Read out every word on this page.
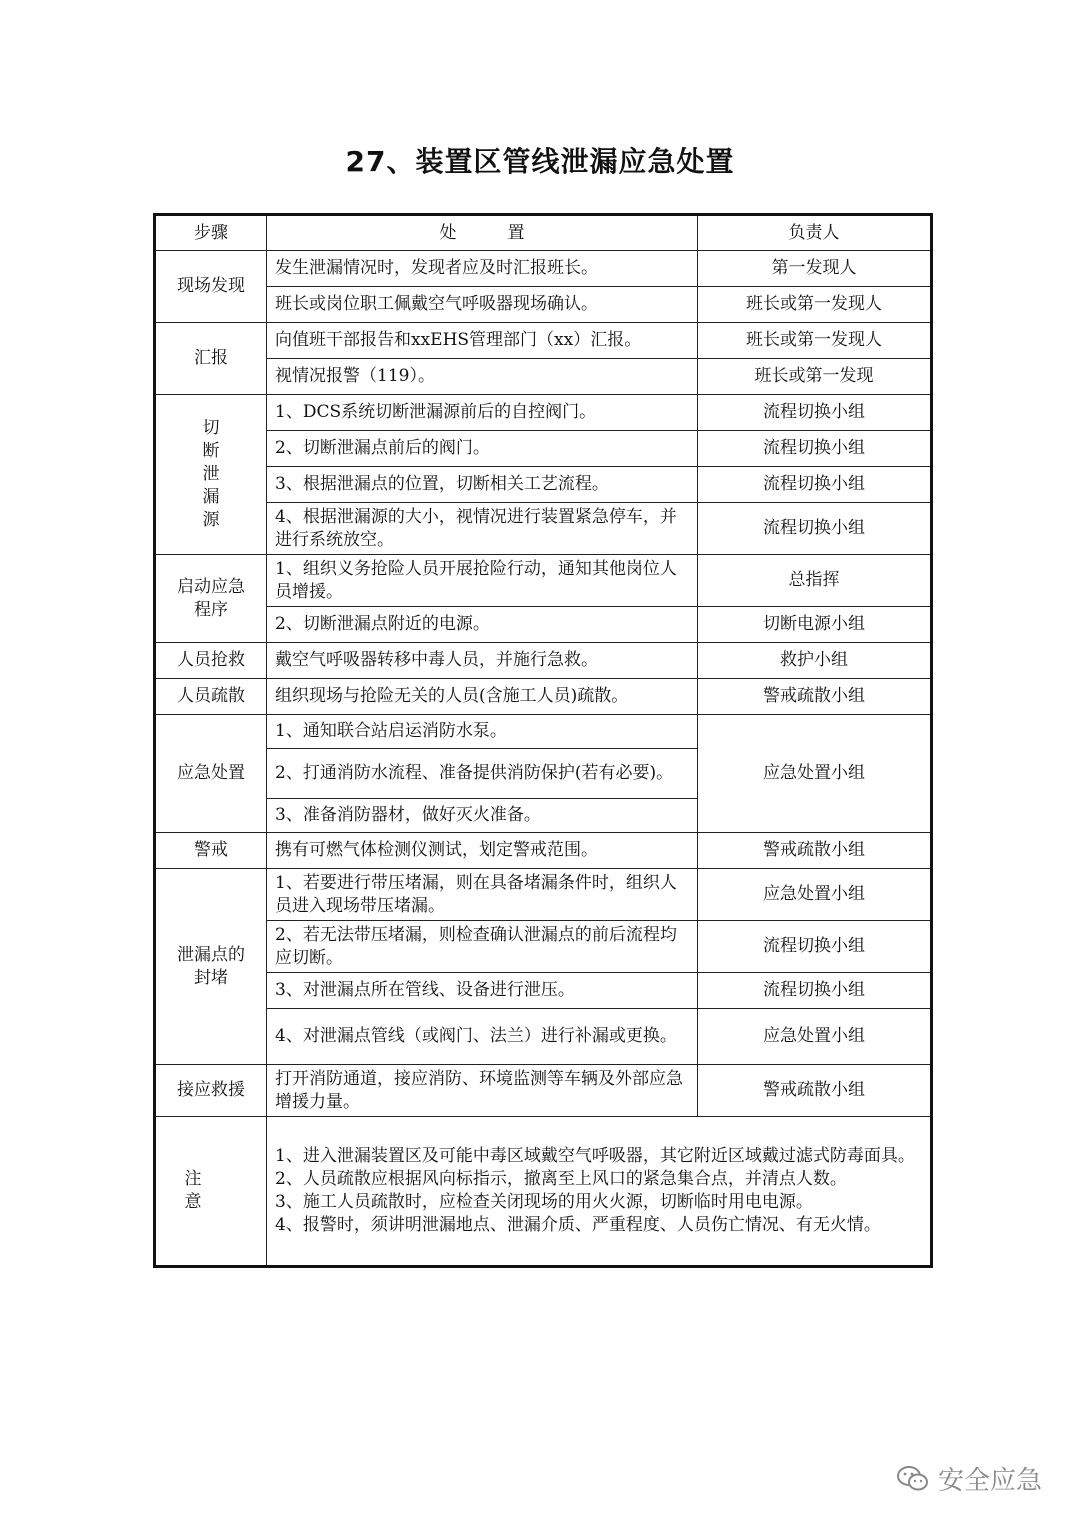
27、装置区管线泄漏应急处置
步骤	处　　　置	负责人
现场发现	发生泄漏情况时，发现者应及时汇报班长。	第一发现人
	班长或岗位职工佩戴空气呼吸器现场确认。	班长或第一发现人
汇报	向值班干部报告和xxEHS管理部门（xx）汇报。	班长或第一发现人
	视情况报警（119）。	班长或第一发现

切
断
泄
漏
源	1、DCS系统切断泄漏源前后的自控阀门。	流程切换小组
	2、切断泄漏点前后的阀门。	流程切换小组
	3、根据泄漏点的位置，切断相关工艺流程。	流程切换小组
	4、根据泄漏源的大小，视情况进行装置紧急停车，并进行系统放空。	流程切换小组
启动应急程序	1、组织义务抢险人员开展抢险行动，通知其他岗位人员增援。	总指挥
	2、切断泄漏点附近的电源。	切断电源小组
人员抢救	戴空气呼吸器转移中毒人员，并施行急救。	救护小组
人员疏散	组织现场与抢险无关的人员(含施工人员)疏散。	警戒疏散小组
应急处置	1、通知联合站启运消防水泵。	应急处置小组
	2、打通消防水流程、准备提供消防保护(若有必要)。	
	3、准备消防器材，做好灭火准备。	
警戒	携有可燃气体检测仪测试，划定警戒范围。	警戒疏散小组
泄漏点的封堵	1、若要进行带压堵漏，则在具备堵漏条件时，组织人员进入现场带压堵漏。	应急处置小组
	2、若无法带压堵漏，则检查确认泄漏点的前后流程均应切断。	流程切换小组
	3、对泄漏点所在管线、设备进行泄压。	流程切换小组
	4、对泄漏点管线（或阀门、法兰）进行补漏或更换。	应急处置小组
接应救援	打开消防通道，接应消防、环境监测等车辆及外部应急增援力量。	警戒疏散小组
注意	1、进入泄漏装置区及可能中毒区域戴空气呼吸器，其它附近区域戴过滤式防毒面具。
2、人员疏散应根据风向标指示，撤离至上风口的紧急集合点，并清点人数。
3、施工人员疏散时，应检查关闭现场的用火火源，切断临时用电电源。
4、报警时，须讲明泄漏地点、泄漏介质、严重程度、人员伤亡情况、有无火情。	
安全应急
